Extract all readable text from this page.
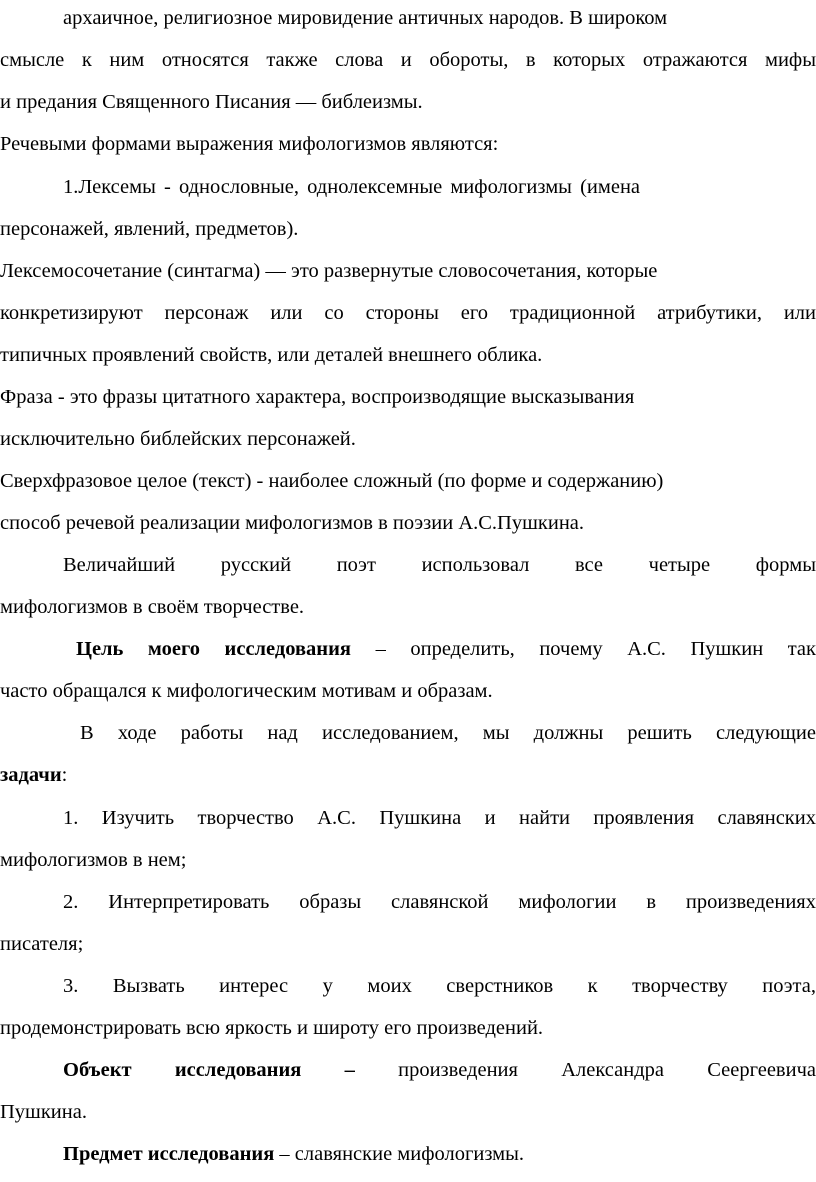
архаичное, религиозное мировидение античных народов. В широком
смысле к ним относятся также слова и обороты, в которых отражаются мифы
и предания Священного Писания — библеизмы.
Речевыми формами выражения мифологизмов являются:
1.Лексемы - однословные, однолексемные мифологизмы (имена
персонажей, явлений, предметов).
Лексемосочетание (синтагма) — это развернутые словосочетания, которые
конкретизируют персонаж или со стороны его традиционной атрибутики, или
типичных проявлений свойств, или деталей внешнего облика.
Фраза - это фразы цитатного характера, воспроизводящие высказывания
исключительно библейских персонажей.
Сверхфразовое целое (текст) - наиболее сложный (по форме и содержанию)
способ речевой реализации мифологизмов в поэзии А.С.Пушкина.
Величайший русский поэт использовал все четыре формы
мифологизмов в своём творчестве.
Цель моего исследования – определить, почему А.С. Пушкин так
часто обращался к мифологическим мотивам и образам.
В ходе работы над исследованием, мы должны решить следующие
задачи:
1. Изучить творчество А.С. Пушкина и найти проявления славянских
мифологизмов в нем;
2. Интерпретировать образы славянской мифологии в произведениях
писателя;
3. Вызвать интерес у моих сверстников к творчеству поэта,
продемонстрировать всю яркость и широту его произведений.
Объект исследования – произведения Александра Сеергеевича
Пушкина.
Предмет исследования – славянские мифологизмы.
